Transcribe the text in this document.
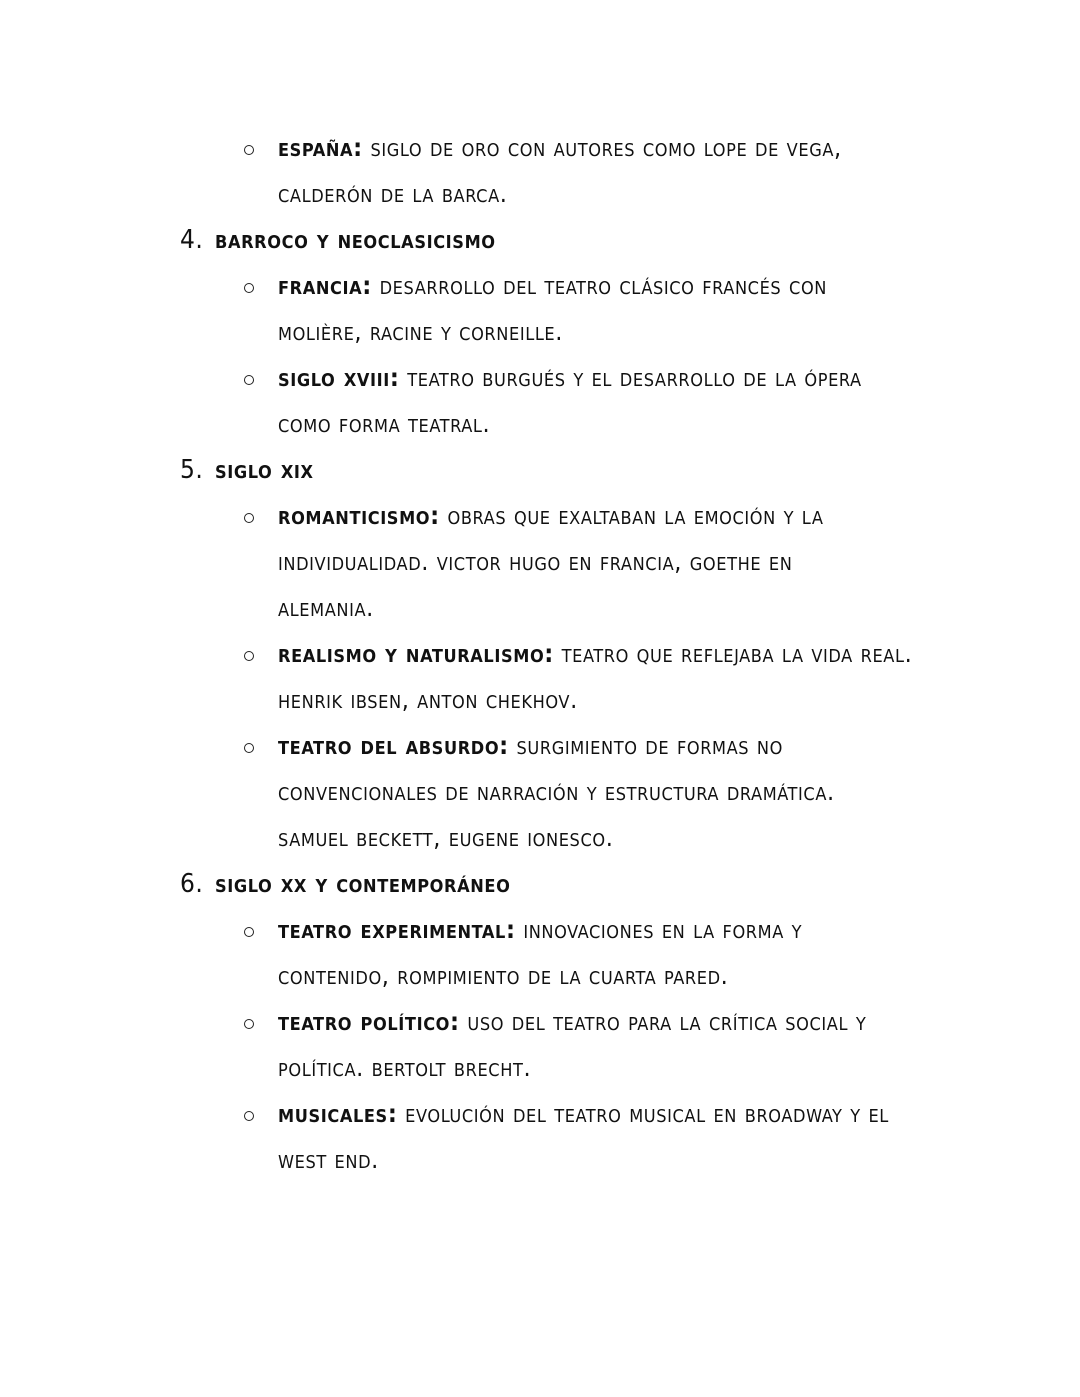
españa: siglo de oro con autores como lope de vega,
calderón de la barca.
4. barroco y neoclasicismo
francia: desarrollo del teatro clásico francés con
molière, racine y corneille.
siglo xviii: teatro burgués y el desarrollo de la ópera
como forma teatral.
5. siglo xix
romanticismo: obras que exaltaban la emoción y la
individualidad. victor hugo en francia, goethe en
alemania.
realismo y naturalismo: teatro que reflejaba la vida real.
henrik ibsen, anton chekhov.
teatro del absurdo: surgimiento de formas no
convencionales de narración y estructura dramática.
samuel beckett, eugene ionesco.
6. siglo xx y contemporáneo
teatro experimental: innovaciones en la forma y
contenido, rompimiento de la cuarta pared.
teatro político: uso del teatro para la crítica social y
política. bertolt brecht.
musicales: evolución del teatro musical en broadway y el
west end.
